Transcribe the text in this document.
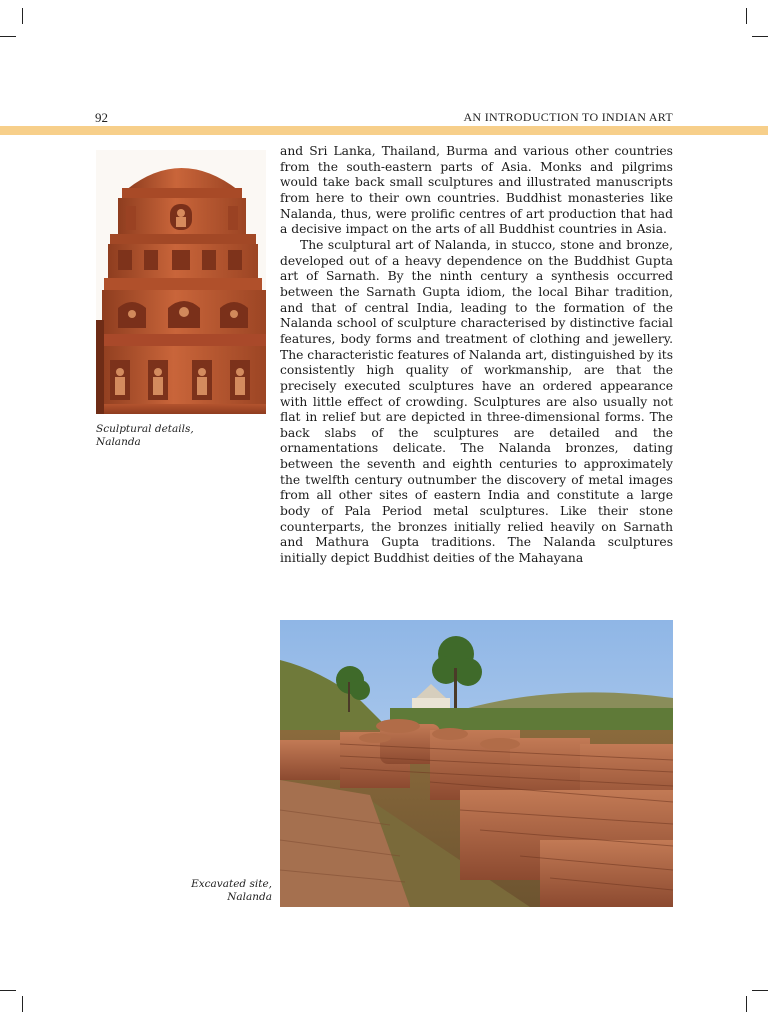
92	AN INTRODUCTION TO INDIAN ART
Sculptural details,
Nalanda

and Sri Lanka, Thailand, Burma and various other countries from the south-eastern parts of Asia. Monks and pilgrims would take back small sculptures and illustrated manuscripts from here to their own countries. Buddhist monasteries like Nalanda, thus, were prolific centres of art production that had a decisive impact on the arts of all Buddhist countries in Asia.

The sculptural art of Nalanda, in stucco, stone and bronze, developed out of a heavy dependence on the Buddhist Gupta art of Sarnath. By the ninth century a synthesis occurred between the Sarnath Gupta idiom, the local Bihar tradition, and that of central India, leading to the formation of the Nalanda school of sculpture characterised by distinctive facial features, body forms and treatment of clothing and jewellery. The characteristic features of Nalanda art, distinguished by its consistently high quality of workmanship, are that the precisely executed sculptures have an ordered appearance with little effect of crowding. Sculptures are also usually not flat in relief but are depicted in three-dimensional forms. The back slabs of the sculptures are detailed and the ornamentations delicate. The Nalanda bronzes, dating between the seventh and eighth centuries to approximately the twelfth century outnumber the discovery of metal images from all other sites of eastern India and constitute a large body of Pala Period metal sculptures. Like their stone counterparts, the bronzes initially relied heavily on Sarnath and Mathura Gupta traditions. The Nalanda sculptures initially depict Buddhist deities of the Mahayana

Excavated site,
Nalanda
